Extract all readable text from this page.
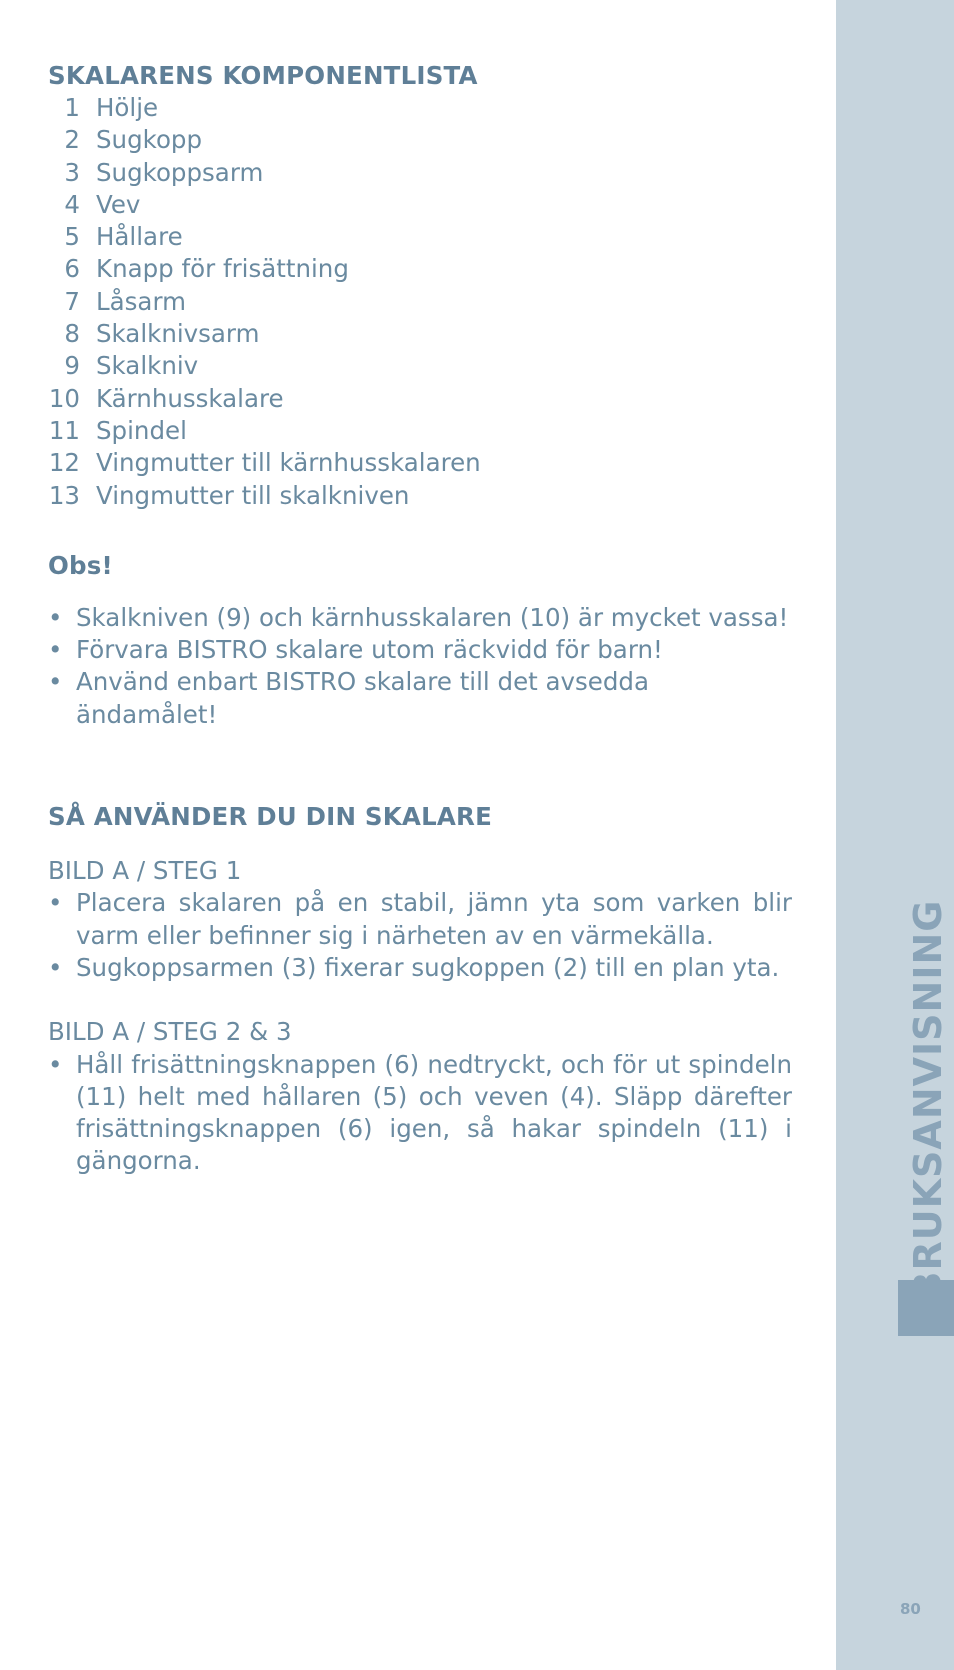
SKALARENS KOMPONENTLISTA
1 Hölje
2 Sugkopp
3 Sugkoppsarm
4 Vev
5 Hållare
6 Knapp för frisättning
7 Låsarm
8 Skalknivsarm
9 Skalkniv
10 Kärnhusskalare
11 Spindel
12 Vingmutter till kärnhusskalaren
13 Vingmutter till skalkniven
Obs!
• Skalkniven (9) och kärnhusskalaren (10) är mycket vassa!
• Förvara BISTRO skalare utom räckvidd för barn!
• Använd enbart BISTRO skalare till det avsedda ändamålet!
SÅ ANVÄNDER DU DIN SKALARE

BILD A / STEG 1

• Placera skalaren på en stabil, jämn yta som varken blir varm eller befinner sig i närheten av en värmekälla.
• Sugkoppsarmen (3) fixerar sugkoppen (2) till en plan yta.

BILD A / STEG 2 & 3

• Håll frisättningsknappen (6) nedtryckt, och för ut spindeln (11) helt med hållaren (5) och veven (4). Släpp därefter frisättningsknappen (6) igen, så hakar spindeln (11) i gängorna.	BRUKSANVISNING
80
